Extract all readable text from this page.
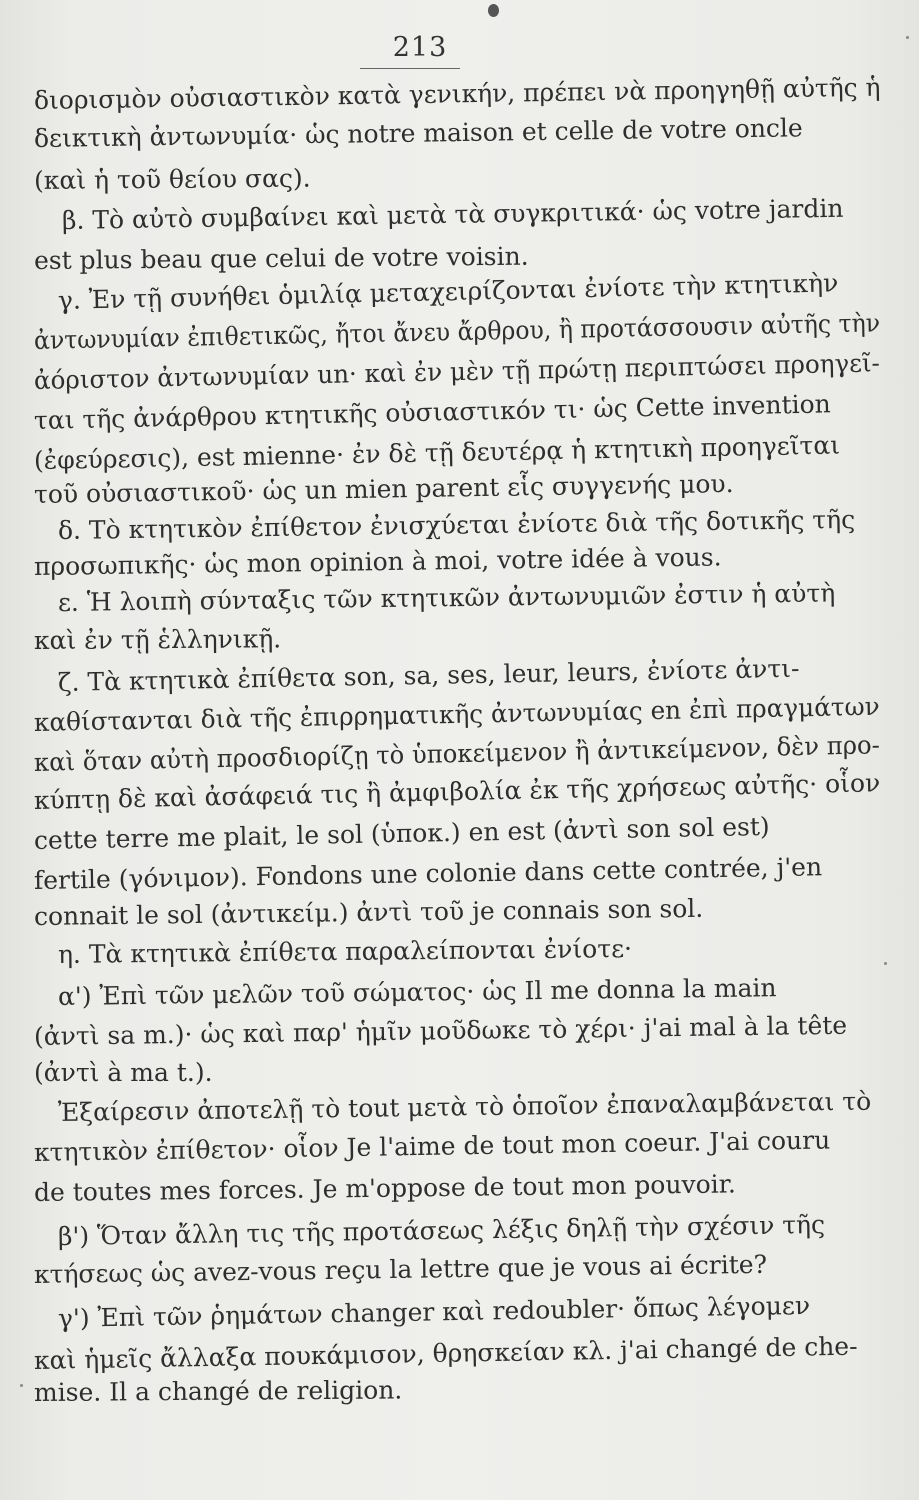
213
διορισμὸν οὐσιαστικὸν κατὰ γενικήν, πρέπει νὰ προηγηθῇ αὐτῆς ἡ
δεικτικὴ ἀντωνυμία· ὡς notre maison et celle de votre oncle
(καὶ ἡ τοῦ θείου σας).
β. Τὸ αὐτὸ συμβαίνει καὶ μετὰ τὰ συγκριτικά· ὡς votre jardin
est plus beau que celui de votre voisin.
γ. Ἐν τῇ συνήθει ὁμιλίᾳ μεταχειρίζονται ἐνίοτε τὴν κτητικὴν
ἀντωνυμίαν ἐπιθετικῶς, ἤτοι ἄνευ ἄρθρου, ἢ προτάσσουσιν αὐτῆς τὴν
ἀόριστον ἀντωνυμίαν un· καὶ ἐν μὲν τῇ πρώτῃ περιπτώσει προηγεῖ-
ται τῆς ἀνάρθρου κτητικῆς οὐσιαστικόν τι· ὡς Cette invention
(ἐφεύρεσις), est mienne· ἐν δὲ τῇ δευτέρᾳ ἡ κτητικὴ προηγεῖται
τοῦ οὐσιαστικοῦ· ὡς un mien parent εἷς συγγενής μου.
δ. Τὸ κτητικὸν ἐπίθετον ἐνισχύεται ἐνίοτε διὰ τῆς δοτικῆς τῆς
προσωπικῆς· ὡς mon opinion à moi, votre idée à vous.
ε. Ἡ λοιπὴ σύνταξις τῶν κτητικῶν ἀντωνυμιῶν ἐστιν ἡ αὐτὴ
καὶ ἐν τῇ ἑλληνικῇ.
ζ. Τὰ κτητικὰ ἐπίθετα son, sa, ses, leur, leurs, ἐνίοτε ἀντι-
καθίστανται διὰ τῆς ἐπιρρηματικῆς ἀντωνυμίας en ἐπὶ πραγμάτων
καὶ ὅταν αὐτὴ προσδιορίζῃ τὸ ὑποκείμενον ἢ ἀντικείμενον, δὲν προ-
κύπτῃ δὲ καὶ ἀσάφειά τις ἢ ἀμφιβολία ἐκ τῆς χρήσεως αὐτῆς· οἷον
cette terre me plait, le sol (ὑποκ.) en est (ἀντὶ son sol est)
fertile (γόνιμον). Fondons une colonie dans cette contrée, j'en
connait le sol (ἀντικείμ.) ἀντὶ τοῦ je connais son sol.
η. Τὰ κτητικὰ ἐπίθετα παραλείπονται ἐνίοτε·
α') Ἐπὶ τῶν μελῶν τοῦ σώματος· ὡς Il me donna la main
(ἀντὶ sa m.)· ὡς καὶ παρ' ἡμῖν μοῦδωκε τὸ χέρι· j'ai mal à la tête
(ἀντὶ à ma t.).
Ἐξαίρεσιν ἀποτελῇ τὸ tout μετὰ τὸ ὁποῖον ἐπαναλαμβάνεται τὸ
κτητικὸν ἐπίθετον· οἷον Je l'aime de tout mon coeur. J'ai couru
de toutes mes forces. Je m'oppose de tout mon pouvoir.
β') Ὅταν ἄλλη τις τῆς προτάσεως λέξις δηλῇ τὴν σχέσιν τῆς
κτήσεως ὡς avez-vous reçu la lettre que je vous ai écrite?
γ') Ἐπὶ τῶν ῥημάτων changer καὶ redoubler· ὅπως λέγομεν
καὶ ἡμεῖς ἄλλαξα πουκάμισον, θρησκείαν κλ. j'ai changé de che-
mise. Il a changé de religion.
